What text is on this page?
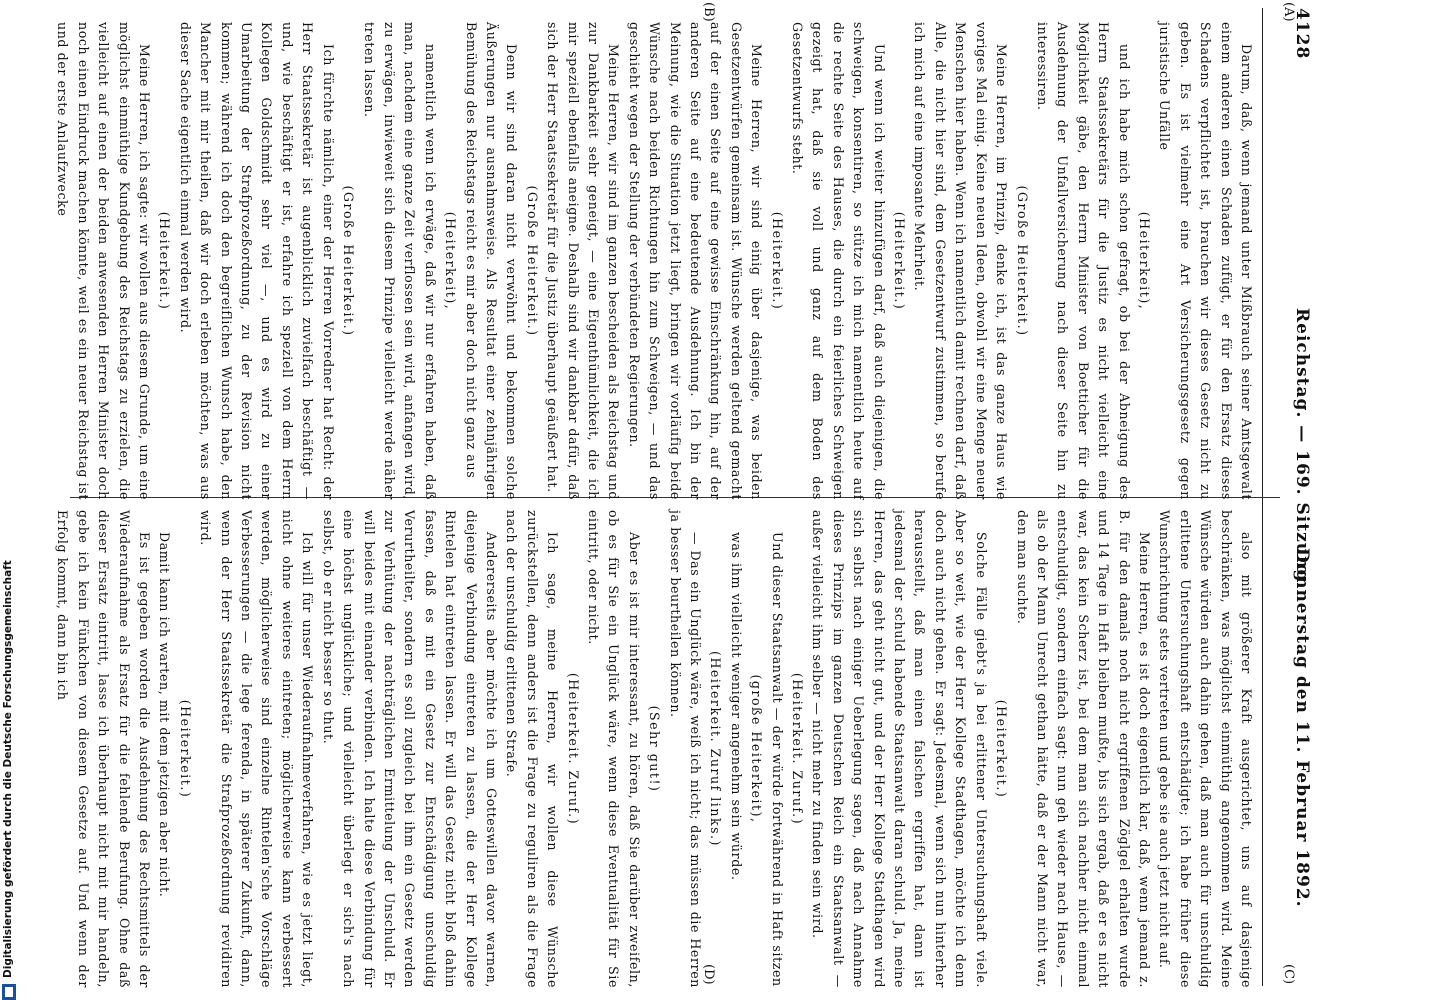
4128
Reichstag. — 169. Sitzung.
Donnerstag den 11. Februar 1892.
(A)
(B)
(C)
(D)

Darum, daß, wenn jemand unter Mißbrauch seiner Amtsgewalt einem anderen einen Schaden zufügt, er für den Ersatz dieses Schadens verpflichtet ist, brauchen wir dieses Gesetz nicht zu geben. Es ist vielmehr eine Art Versicherungsgesetz gegen juristische Unfälle

(Heiterkeit),

und ich habe mich schon gefragt, ob bei der Abneigung des Herrn Staatssekretärs für die Justiz es nicht vielleicht eine Möglichkeit gäbe, den Herrn Minister von Boetticher für die Ausdehnung der Unfallversicherung nach dieser Seite hin zu interessiren.

(Große Heiterkeit.)

Meine Herren, im Prinzip, denke ich, ist das ganze Haus wie voriges Mal einig. Keine neuen Ideen, obwohl wir eine Menge neuer Menschen hier haben. Wenn ich namentlich damit rechnen darf, daß Alle, die nicht hier sind, dem Gesetzentwurf zustimmen, so berufe ich mich auf eine imposante Mehrheit.

(Heiterkeit.)

Und wenn ich weiter hinzufügen darf, daß auch diejenigen, die schweigen, konsentiren, so stütze ich mich namentlich heute auf die rechte Seite des Hauses, die durch ein feierliches Schweigen gezeigt hat, daß sie voll und ganz auf dem Boden des Gesetzentwurfs steht.

(Heiterkeit.)

Meine Herren, wir sind einig über dasjenige, was beiden Gesetzentwürfen gemeinsam ist. Wünsche werden geltend gemacht auf der einen Seite auf eine gewisse Einschränkung hin, auf der anderen Seite auf eine bedeutende Ausdehnung. Ich bin der Meinung, wie die Situation jetzt liegt, bringen wir vorläufig beide Wünsche nach beiden Richtungen hin zum Schweigen, — und das geschieht wegen der Stellung der verbündeten Regierungen.

Meine Herren, wir sind im ganzen bescheiden als Reichstag und zur Dankbarkeit sehr geneigt, — eine Eigenthümlichkeit, die ich mir speziell ebenfalls aneigne. Deshalb sind wir dankbar dafür, daß sich der Herr Staatssekretär für die Justiz überhaupt geäußert hat.

(Große Heiterkeit.)

Denn wir sind daran nicht verwöhnt und bekommen solche Äußerungen nur ausnahmsweise. Als Resultat einer zehnjährigen Bemühung des Reichstags reicht es mir aber doch nicht ganz aus

(Heiterkeit),

namentlich wenn ich erwäge, daß wir nur erfahren haben, daß man, nachdem eine ganze Zeit verflossen sein wird, anfangen wird, zu erwägen, inwieweit sich diesem Prinzipe vielleicht werde näher treten lassen.

(Große Heiterkeit.)

Ich fürchte nämlich, einer der Herren Vorredner hat Recht: der Herr Staatssekretär ist augenblicklich zuvielfach beschäftigt — und, wie beschäftigt er ist, erfahre ich speziell von dem Herrn Kollegen Goldschmidt sehr viel —, und es wird zu einer Umarbeitung der Strafprozeßordnung, zu der Revision nicht kommen; während ich doch den begreiflichen Wunsch habe, den Mancher mit mir theilen, daß wir doch erleben möchten, was aus dieser Sache eigentlich einmal werden wird.

(Heiterkeit.)

Meine Herren, ich sagte: wir wollen aus diesem Grunde, um eine möglichst einmüthige Kundgebung des Reichstags zu erzielen, die vielleicht auf einen der beiden anwesenden Herren Minister doch noch einen Eindruck machen könnte, weil es ein neuer Reichstag ist und der erste Anlaufzwecke

also mit größerer Kraft ausgerichtet, uns auf dasjenige beschränken, was möglichst einmüthig angenommen wird. Meine Wünsche würden auch dahin gehen, daß man auch für unschuldig erlittene Untersuchungshaft entschädigte; ich habe früher diese Wunschrichtung stets vertreten und gebe sie auch jetzt nicht auf.

Meine Herren, es ist doch eigentlich klar, daß, wenn jemand z. B. für den damals noch nicht ergriffenen Zöglgel erhalten wurde und 14 Tage in Haft bleiben mußte, bis sich ergab, daß er es nicht war, das kein Scherz ist, bei dem man sich nachher nicht einmal entschuldigt, sondern einfach sagt: nun geh wieder nach Hause, — als ob der Mann Unrecht gethan hätte, daß er der Mann nicht war, den man suchte.

(Heiterkeit.)

Solche Fälle giebt's ja bei erlittener Untersuchungshaft viele. Aber so weit, wie der Herr Kollege Stadthagen, möchte ich denn doch auch nicht gehen. Er sagt: Jedesmal, wenn sich nun hinterher herausstellt, daß man einen falschen ergriffen hat, dann ist jedesmal der schuld habende Staatsanwalt daran schuld. Ja, meine Herren, das geht nicht gut, und der Herr Kollege Stadthagen wird sich selbst nach einiger Ueberlegung sagen, daß nach Annahme dieses Prinzips im ganzen Deutschen Reich ein Staatsanwalt — außer vielleicht ihm selber — nicht mehr zu finden sein wird.

(Heiterkeit. Zuruf.)

Und dieser Staatsanwalt — der würde fortwährend in Haft sitzen

(große Heiterkeit),

was ihm vielleicht weniger angenehm sein würde.

(Heiterkeit. Zuruf links.)

— Das ein Unglück wäre, weiß ich nicht; das müssen die Herren ja besser beurtheilen können.

(Sehr gut!)

Aber es ist mir interessant, zu hören, daß Sie darüber zweifeln, ob es für Sie ein Unglück wäre, wenn diese Eventualität für Sie eintritt, oder nicht.

(Heiterkeit. Zuruf.)

Ich sage, meine Herren, wir wollen diese Wünsche zurückstellen, denn anders ist die Frage zu reguliren als die Frage nach der unschuldig erlittenen Strafe.

Andererseits aber möchte ich um Gotteswillen davor warnen, diejenige Verbindung eintreten zu lassen, die der Herr Kollege Rintelen hat eintreten lassen. Er will das Gesetz nicht bloß dahin fassen, daß es mit ein Gesetz zur Entschädigung unschuldig Verurtheilter, sondern es soll zugleich bei ihm ein Gesetz werden zur Verhütung der nachträglichen Ermittelung der Unschuld. Er will beides mit einander verbinden. Ich halte diese Verbindung für eine höchst unglückliche; und vielleicht überlegt er sich's nach selbst, ob er nicht besser so thut.

Ich will für unser Wiederaufnahmeverfahren, wie es jetzt liegt, nicht ohne weiteres eintreten; möglicherweise kann verbessert werden, möglicherweise sind einzelne Rintelen'sche Vorschläge Verbesserungen — die lege ferenda, in späterer Zukunft, dann, wenn der Herr Staatssekretär die Strafprozeßordnung revidiren wird.

(Heiterkeit.)

Damit kann ich warten, mit dem jetzigen aber nicht.

Es ist gegeben worden die Ausdehnung des Rechtsmittels der Wiederaufnahme als Ersatz für die fehlende Berufung. Ohne daß dieser Ersatz eintritt, lasse ich überhaupt nicht mit mir handeln, gebe ich kein Fünkchen von diesem Gesetze auf. Und wenn der Erfolg kommt, dann bin ich

Digitalisierung gefördert durch die Deutsche Forschungsgemeinschaft
